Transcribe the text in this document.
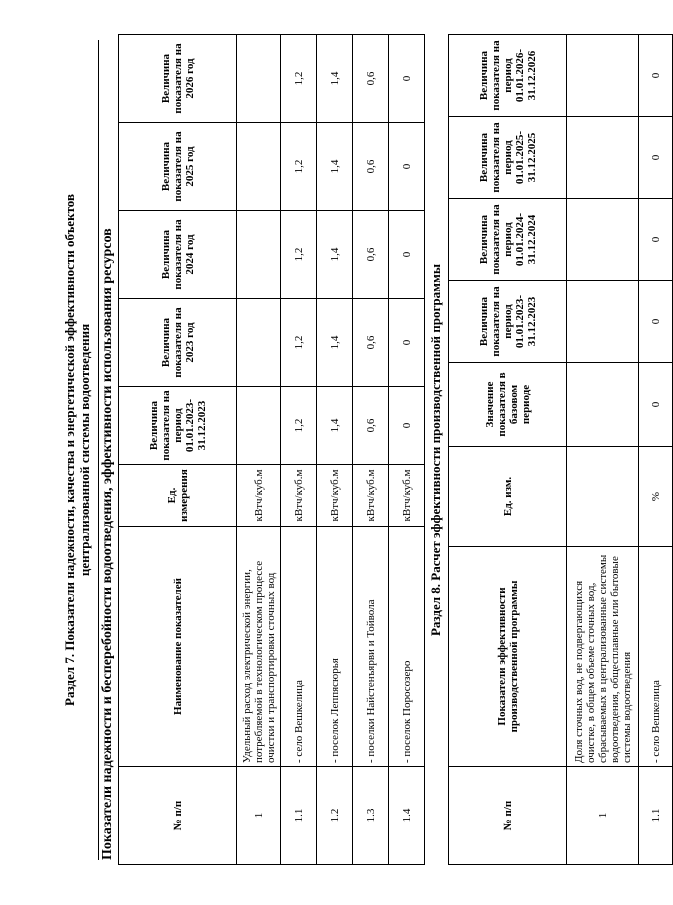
Раздел 7. Показатели надежности, качества и энергетической эффективности объектов централизованной системы водоотведения Показатели надежности и бесперебойности водоотведения, эффективности использования ресурсов	№ п/п	Наименование показателей	Ед. измерения	Величина показателя на период 01.01.2023-31.12.2023	Величина показателя на 2023 год	Величина показателя на 2024 год	Величина показателя на 2025 год	Величина показателя на 2026 год
1	Удельный расход электрической энергии, потребляемой в технологическом процессе очистки и транспортировки сточных вод	кВтч/куб.м					
1.1	- село Вешкелица	кВтч/куб.м	1,2	1,2	1,2	1,2	1,2
1.2	- поселок Леппясюрья	кВтч/куб.м	1,4	1,4	1,4	1,4	1,4
1.3	- поселки Найстенъярви и Тойвола	кВтч/куб.м	0,6	0,6	0,6	0,6	0,6
1.4	- поселок Поросозеро	кВтч/куб.м	0	0	0	0	0
Раздел 8. Расчет эффективности производственной программы
№ п/п	Показатели эффективности производственной программы	Ед. изм.	Значение показателя в базовом периоде	Величина показателя на период 01.01.2023-31.12.2023	Величина показателя на период 01.01.2024-31.12.2024	Величина показателя на период 01.01.2025-31.12.2025	Величина показателя на период 01.01.2026-31.12.2026
1	Доля сточных вод, не подвергающихся очистке, в общем объеме сточных вод, сбрасываемых в централизованные системы водоотведения, общесплавные или бытовые системы водоотведения						
1.1	- село Вешкелица	%	0	0	0	0	0
